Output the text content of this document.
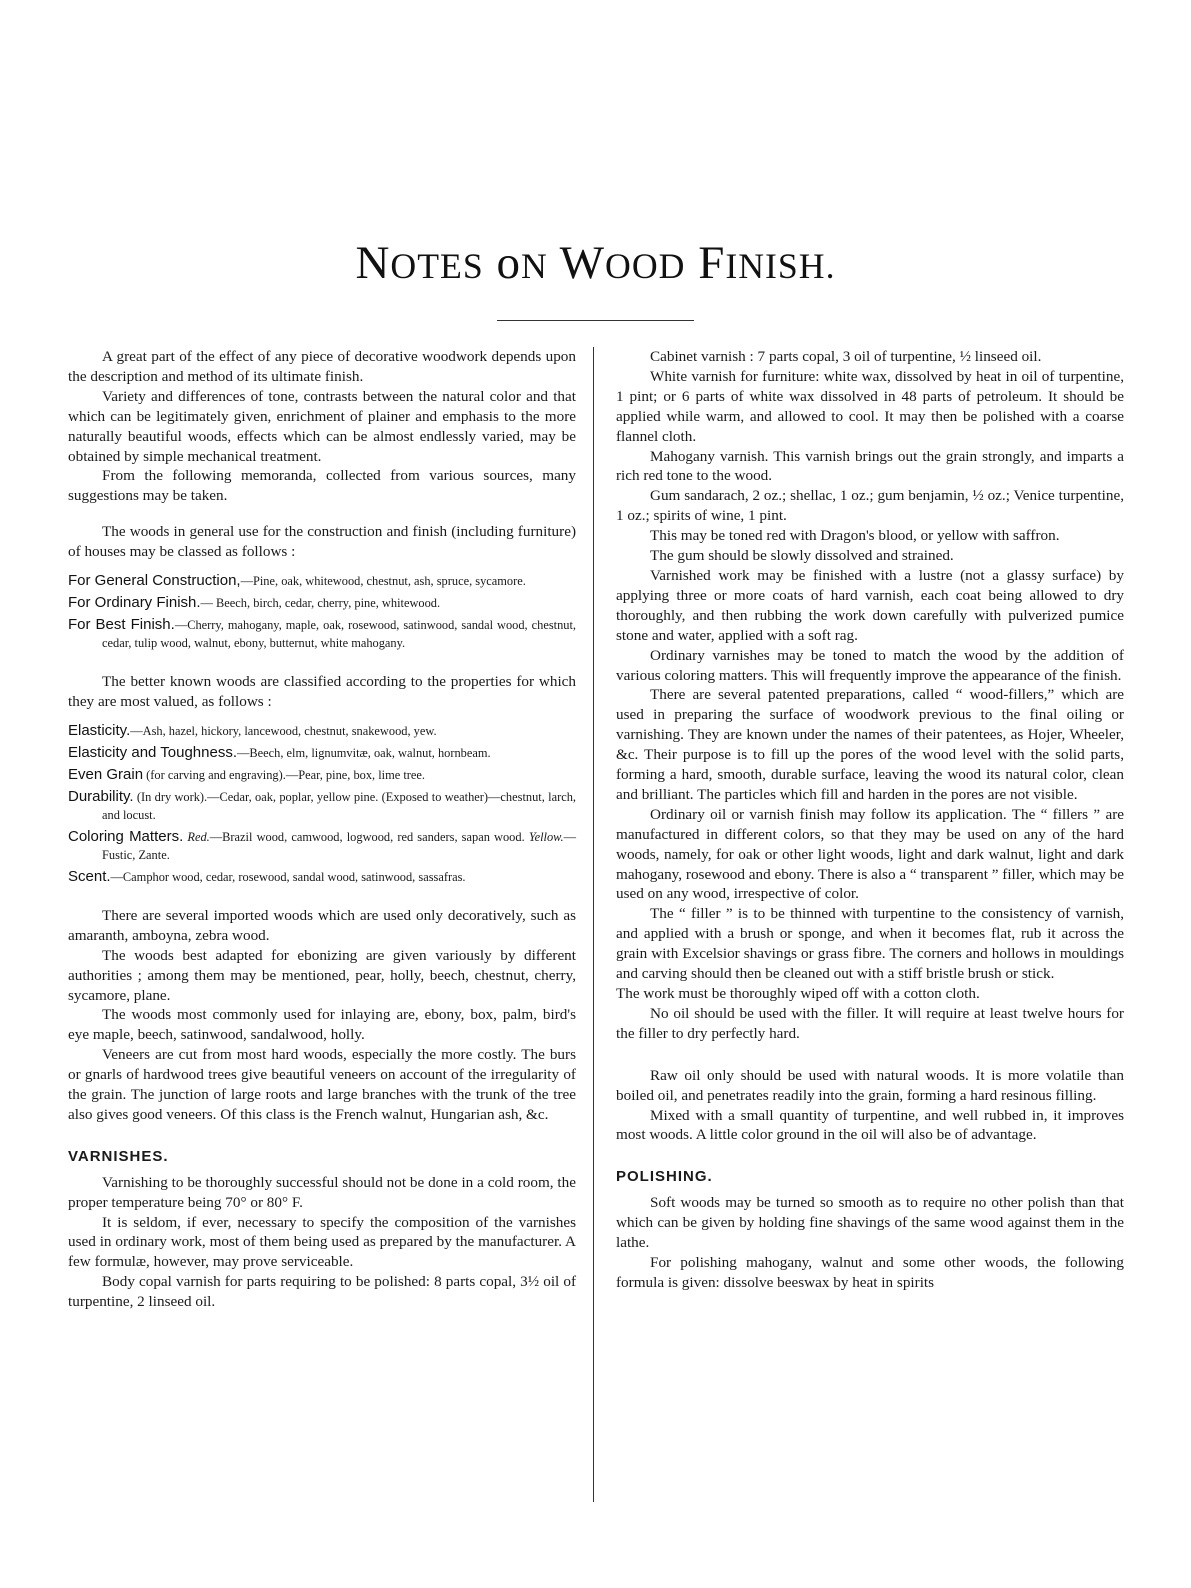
NOTES oN WOOD FINISH.

A great part of the effect of any piece of decorative woodwork depends upon the description and method of its ultimate finish.

Variety and differences of tone, contrasts between the natural color and that which can be legitimately given, enrichment of plainer and emphasis to the more naturally beautiful woods, effects which can be almost endlessly varied, may be obtained by simple mechanical treatment.

From the following memoranda, collected from various sources, many suggestions may be taken.

The woods in general use for the construction and finish (including furniture) of houses may be classed as follows :

For General Construction,—Pine, oak, whitewood, chestnut, ash, spruce, sycamore.

For Ordinary Finish.— Beech, birch, cedar, cherry, pine, whitewood.

For Best Finish.—Cherry, mahogany, maple, oak, rosewood, satinwood, sandal wood, chestnut, cedar, tulip wood, walnut, ebony, butternut, white mahogany.

The better known woods are classified according to the properties for which they are most valued, as follows :

Elasticity.—Ash, hazel, hickory, lancewood, chestnut, snakewood, yew.

Elasticity and Toughness.—Beech, elm, lignumvitæ, oak, walnut, hornbeam.

Even Grain (for carving and engraving).—Pear, pine, box, lime tree.

Durability. (In dry work).—Cedar, oak, poplar, yellow pine. (Exposed to weather)—chestnut, larch, and locust.

Coloring Matters. Red.—Brazil wood, camwood, logwood, red sanders, sapan wood. Yellow.—Fustic, Zante.

Scent.—Camphor wood, cedar, rosewood, sandal wood, satinwood, sassafras.

There are several imported woods which are used only decoratively, such as amaranth, amboyna, zebra wood.

The woods best adapted for ebonizing are given variously by different authorities ; among them may be mentioned, pear, holly, beech, chestnut, cherry, sycamore, plane.

The woods most commonly used for inlaying are, ebony, box, palm, bird's eye maple, beech, satinwood, sandalwood, holly.

Veneers are cut from most hard woods, especially the more costly. The burs or gnarls of hardwood trees give beautiful veneers on account of the irregularity of the grain. The junction of large roots and large branches with the trunk of the tree also gives good veneers. Of this class is the French walnut, Hungarian ash, &c.

VARNISHES.

Varnishing to be thoroughly successful should not be done in a cold room, the proper temperature being 70° or 80° F.

It is seldom, if ever, necessary to specify the composition of the varnishes used in ordinary work, most of them being used as prepared by the manufacturer. A few formulæ, however, may prove serviceable.

Body copal varnish for parts requiring to be polished: 8 parts copal, 3½ oil of turpentine, 2 linseed oil.

Cabinet varnish : 7 parts copal, 3 oil of turpentine, ½ linseed oil.

White varnish for furniture: white wax, dissolved by heat in oil of turpentine, 1 pint; or 6 parts of white wax dissolved in 48 parts of petroleum. It should be applied while warm, and allowed to cool. It may then be polished with a coarse flannel cloth.

Mahogany varnish. This varnish brings out the grain strongly, and imparts a rich red tone to the wood.

Gum sandarach, 2 oz.; shellac, 1 oz.; gum benjamin, ½ oz.; Venice turpentine, 1 oz.; spirits of wine, 1 pint.

This may be toned red with Dragon's blood, or yellow with saffron.

The gum should be slowly dissolved and strained.

Varnished work may be finished with a lustre (not a glassy surface) by applying three or more coats of hard varnish, each coat being allowed to dry thoroughly, and then rubbing the work down carefully with pulverized pumice stone and water, applied with a soft rag.

Ordinary varnishes may be toned to match the wood by the addition of various coloring matters. This will frequently improve the appearance of the finish.

There are several patented preparations, called “ wood-fillers,” which are used in preparing the surface of woodwork previous to the final oiling or varnishing. They are known under the names of their patentees, as Hojer, Wheeler, &c. Their purpose is to fill up the pores of the wood level with the solid parts, forming a hard, smooth, durable surface, leaving the wood its natural color, clean and brilliant. The particles which fill and harden in the pores are not visible.

Ordinary oil or varnish finish may follow its application. The “ fillers ” are manufactured in different colors, so that they may be used on any of the hard woods, namely, for oak or other light woods, light and dark walnut, light and dark mahogany, rosewood and ebony. There is also a “ transparent ” filler, which may be used on any wood, irrespective of color.

The “ filler ” is to be thinned with turpentine to the consistency of varnish, and applied with a brush or sponge, and when it becomes flat, rub it across the grain with Excelsior shavings or grass fibre. The corners and hollows in mouldings and carving should then be cleaned out with a stiff bristle brush or stick.

The work must be thoroughly wiped off with a cotton cloth.

No oil should be used with the filler. It will require at least twelve hours for the filler to dry perfectly hard.

Raw oil only should be used with natural woods. It is more volatile than boiled oil, and penetrates readily into the grain, forming a hard resinous filling.

Mixed with a small quantity of turpentine, and well rubbed in, it improves most woods. A little color ground in the oil will also be of advantage.

POLISHING.

Soft woods may be turned so smooth as to require no other polish than that which can be given by holding fine shavings of the same wood against them in the lathe.

For polishing mahogany, walnut and some other woods, the following formula is given: dissolve beeswax by heat in spirits
